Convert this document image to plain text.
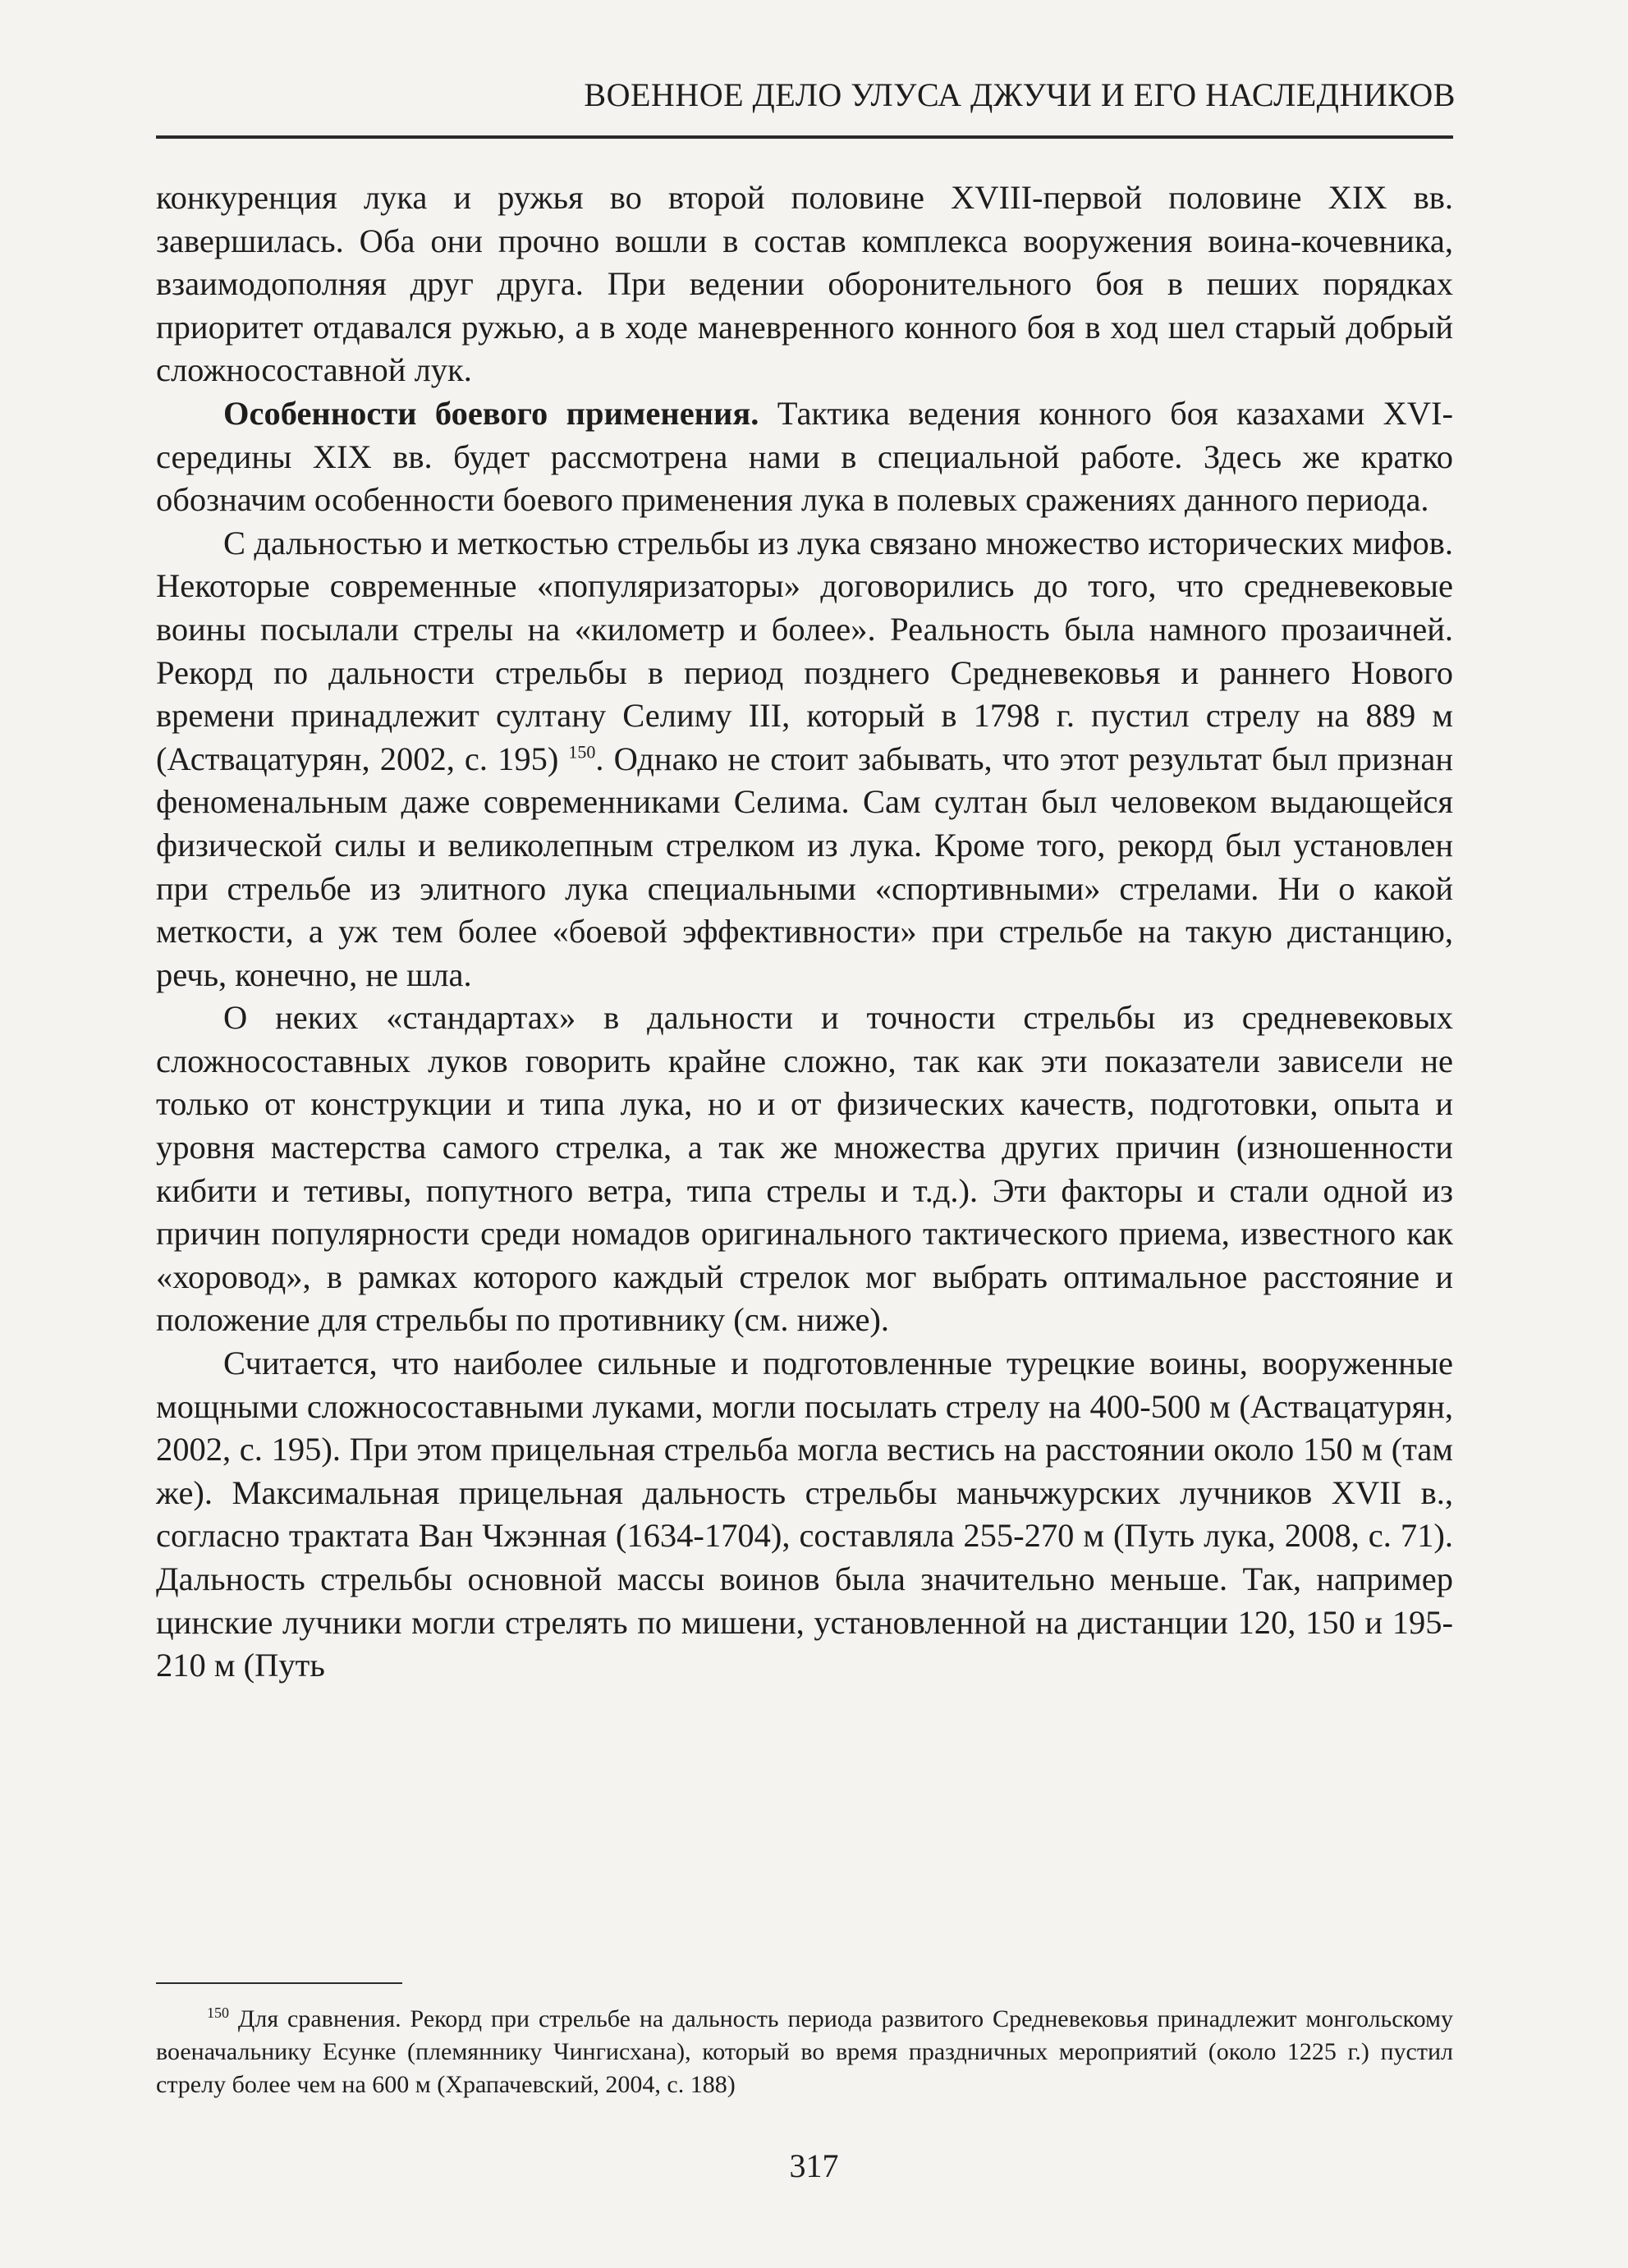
ВОЕННОЕ ДЕЛО УЛУСА ДЖУЧИ И ЕГО НАСЛЕДНИКОВ

конкуренция лука и ружья во второй половине XVIII-первой половине XIX вв. завершилась. Оба они прочно вошли в состав комплекса вооружения воина-кочевника, взаимодополняя друг друга. При ведении оборонительного боя в пеших порядках приоритет отдавался ружью, а в ходе маневренного конного боя в ход шел старый добрый сложносоставной лук.

Особенности боевого применения. Тактика ведения конного боя казахами XVI-середины XIX вв. будет рассмотрена нами в специальной работе. Здесь же кратко обозначим особенности боевого применения лука в полевых сражениях данного периода.

С дальностью и меткостью стрельбы из лука связано множество исторических мифов. Некоторые современные «популяризаторы» договорились до того, что средневековые воины посылали стрелы на «километр и более». Реальность была намного прозаичней. Рекорд по дальности стрельбы в период позднего Средневековья и раннего Нового времени принадлежит султану Селиму III, который в 1798 г. пустил стрелу на 889 м (Аствацатурян, 2002, с. 195) $^{150}$. Однако не стоит забывать, что этот результат был признан феноменальным даже современниками Селима. Сам султан был человеком выдающейся физической силы и великолепным стрелком из лука. Кроме того, рекорд был установлен при стрельбе из элитного лука специальными «спортивными» стрелами. Ни о какой меткости, а уж тем более «боевой эффективности» при стрельбе на такую дистанцию, речь, конечно, не шла.

О неких «стандартах» в дальности и точности стрельбы из средневековых сложносоставных луков говорить крайне сложно, так как эти показатели зависели не только от конструкции и типа лука, но и от физических качеств, подготовки, опыта и уровня мастерства самого стрелка, а так же множества других причин (изношенности кибити и тетивы, попутного ветра, типа стрелы и т.д.). Эти факторы и стали одной из причин популярности среди номадов оригинального тактического приема, известного как «хоровод», в рамках которого каждый стрелок мог выбрать оптимальное расстояние и положение для стрельбы по противнику (см. ниже).

Считается, что наиболее сильные и подготовленные турецкие воины, вооруженные мощными сложносоставными луками, могли посылать стрелу на 400-500 м (Аствацатурян, 2002, с. 195). При этом прицельная стрельба могла вестись на расстоянии около 150 м (там же). Максимальная прицельная дальность стрельбы маньчжурских лучников XVII в., согласно трактата Ван Чжэнная (1634-1704), составляла 255-270 м (Путь лука, 2008, с. 71). Дальность стрельбы основной массы воинов была значительно меньше. Так, например цинские лучники могли стрелять по мишени, установленной на дистанции 120, 150 и 195-210 м (Путь

$^{150}$ Для сравнения. Рекорд при стрельбе на дальность периода развитого Средневековья принадлежит монгольскому военачальнику Есунке (племяннику Чингисхана), который во время праздничных мероприятий (около 1225 г.) пустил стрелу более чем на 600 м (Храпачевский, 2004, с. 188)
317
